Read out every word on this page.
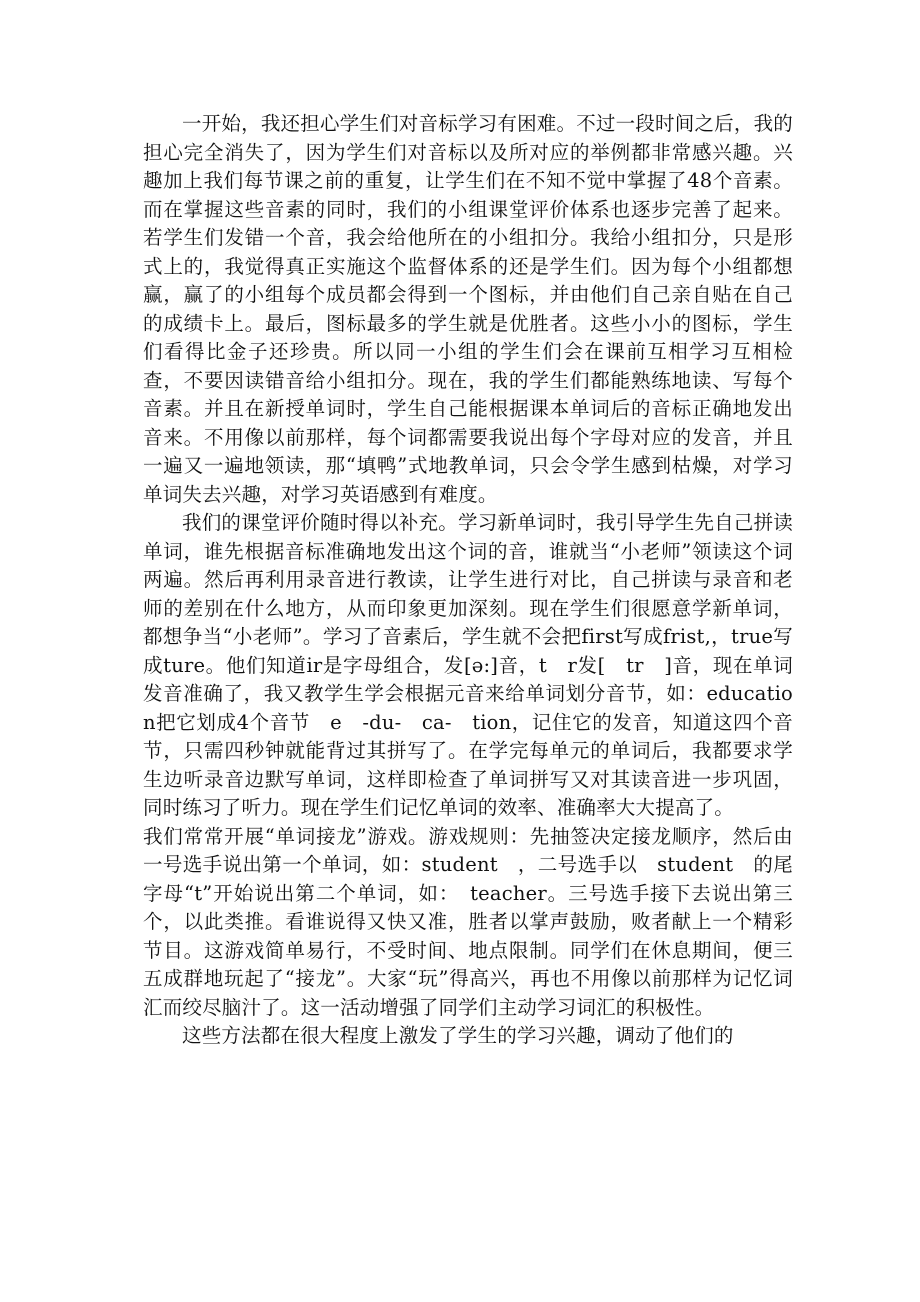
一开始，我还担心学生们对音标学习有困难。不过一段时间之后，我的担心完全消失了，因为学生们对音标以及所对应的举例都非常感兴趣。兴趣加上我们每节课之前的重复，让学生们在不知不觉中掌握了48个音素。而在掌握这些音素的同时，我们的小组课堂评价体系也逐步完善了起来。若学生们发错一个音，我会给他所在的小组扣分。我给小组扣分，只是形式上的，我觉得真正实施这个监督体系的还是学生们。因为每个小组都想赢，赢了的小组每个成员都会得到一个图标，并由他们自己亲自贴在自己的成绩卡上。最后，图标最多的学生就是优胜者。这些小小的图标，学生们看得比金子还珍贵。所以同一小组的学生们会在课前互相学习互相检查，不要因读错音给小组扣分。现在，我的学生们都能熟练地读、写每个音素。并且在新授单词时，学生自己能根据课本单词后的音标正确地发出音来。不用像以前那样，每个词都需要我说出每个字母对应的发音，并且一遍又一遍地领读，那“填鸭”式地教单词，只会令学生感到枯燥，对学习单词失去兴趣，对学习英语感到有难度。

我们的课堂评价随时得以补充。学习新单词时，我引导学生先自己拼读单词，谁先根据音标准确地发出这个词的音，谁就当“小老师”领读这个词两遍。然后再利用录音进行教读，让学生进行对比，自己拼读与录音和老师的差别在什么地方，从而印象更加深刻。现在学生们很愿意学新单词，都想争当“小老师”。学习了音素后，学生就不会把first写成frist,，true写成ture。他们知道ir是字母组合，发[ə:]音，t　r发[　tr　]音，现在单词发音准确了，我又教学生学会根据元音来给单词划分音节，如：education把它划成4个音节　e　-du-　ca-　tion，记住它的发音，知道这四个音节，只需四秒钟就能背过其拼写了。在学完每单元的单词后，我都要求学生边听录音边默写单词，这样即检查了单词拼写又对其读音进一步巩固，同时练习了听力。现在学生们记忆单词的效率、准确率大大提高了。

我们常常开展“单词接龙”游戏。游戏规则：先抽签决定接龙顺序，然后由一号选手说出第一个单词，如：student　，二号选手以　student　的尾字母“t”开始说出第二个单词，如：　teacher。三号选手接下去说出第三个，以此类推。看谁说得又快又准，胜者以掌声鼓励，败者献上一个精彩节目。这游戏简单易行，不受时间、地点限制。同学们在休息期间，便三五成群地玩起了“接龙”。大家“玩”得高兴，再也不用像以前那样为记忆词汇而绞尽脑汁了。这一活动增强了同学们主动学习词汇的积极性。

这些方法都在很大程度上激发了学生的学习兴趣，调动了他们的
